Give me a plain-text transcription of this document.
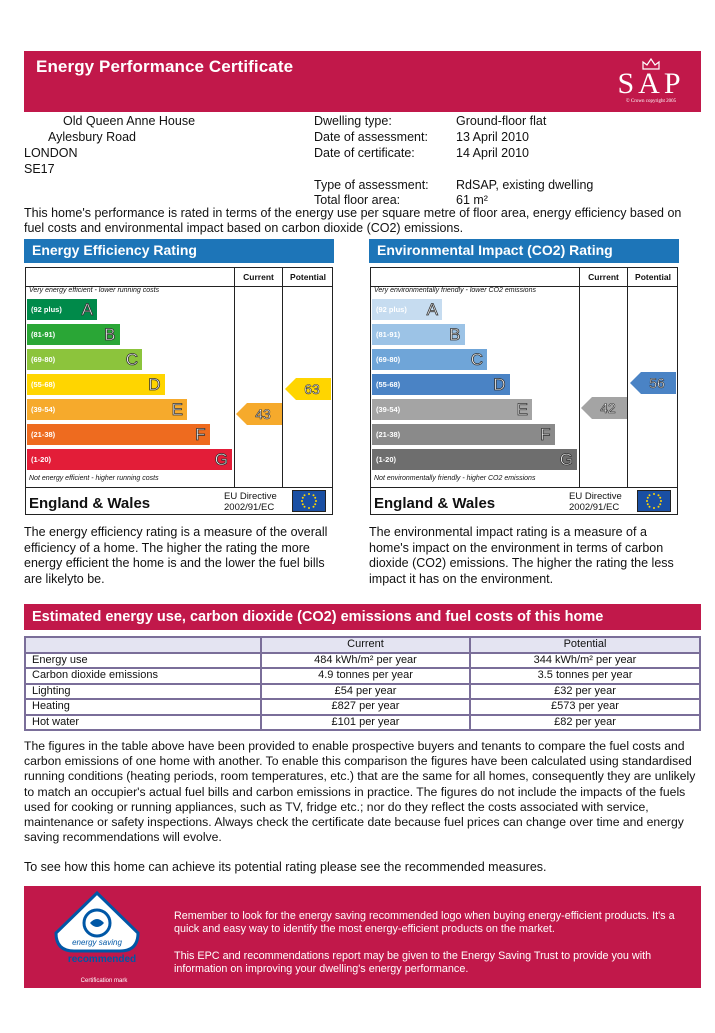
Energy Performance Certificate
SAP
© Crown copyright 2005
Old Queen Anne House
Aylesbury Road
LONDON
SE17
Dwelling type:	Ground-floor flat
Date of assessment: 13 April 2010
Date of certificate:	14 April 2010
Type of assessment: RdSAP, existing dwelling
Total floor area:	61 m²
This home's performance is rated in terms of the energy use per square metre of floor area, energy efficiency based on fuel costs and environmental impact based on carbon dioxide (CO2) emissions.
Energy Efficiency Rating
Current	Potential
Very energy efficient - lower running costs
Not energy efficient - higher running costs
(92 plus) A
(81-91)	B
(69-80)	C
(55-68)	D
(39-54)	E
(21-38)	F
(1-20)	G
England & Wales	EU Directive
2002/91/EC
43
63
Environmental Impact (CO2) Rating
Current	Potential
Very environmentally friendly - lower CO2 emissions
Not environmentally friendly - higher CO2 emissions
(92 plus) A
(81-91)	B
(69-80)	C
(55-68)	D
(39-54)	E
(21-38)	F
(1-20)	G
England & Wales	EU Directive
2002/91/EC
42
56
The energy efficiency rating is a measure of the overall efficiency of a home. The higher the rating the more energy efficient the home is and the lower the fuel bills are likelyto be.
The environmental impact rating is a measure of a home's impact on the environment in terms of carbon dioxide (CO2) emissions. The higher the rating the less impact it has on the environment.
Estimated energy use, carbon dioxide (CO2) emissions and fuel costs of this home
	Current	Potential
Energy use	484 kWh/m² per year	344 kWh/m² per year
Carbon dioxide emissions	4.9 tonnes per year	3.5 tonnes per year
Lighting	£54 per year	£32 per year
Heating	£827 per year	£573 per year
Hot water	£101 per year	£82 per year
The figures in the table above have been provided to enable prospective buyers and tenants to compare the fuel costs and carbon emissions of one home with another. To enable this comparison the figures have been calculated using standardised running conditions (heating periods, room temperatures, etc.) that are the same for all homes, consequently they are unlikely to match an occupier's actual fuel bills and carbon emissions in practice. The figures do not include the impacts of the fuels used for cooking or running appliances, such as TV, fridge etc.; nor do they reflect the costs associated with service, maintenance or safety inspections. Always check the certificate date because fuel prices can change over time and energy saving recommendations will evolve.
To see how this home can achieve its potential rating please see the recommended measures.
energy saving
recommended
Certification mark
Remember to look for the energy saving recommended logo when buying energy-efficient products. It's a quick and easy way to identify the most energy-efficient products on the market.
This EPC and recommendations report may be given to the Energy Saving Trust to provide you with information on improving your dwelling's energy performance.
